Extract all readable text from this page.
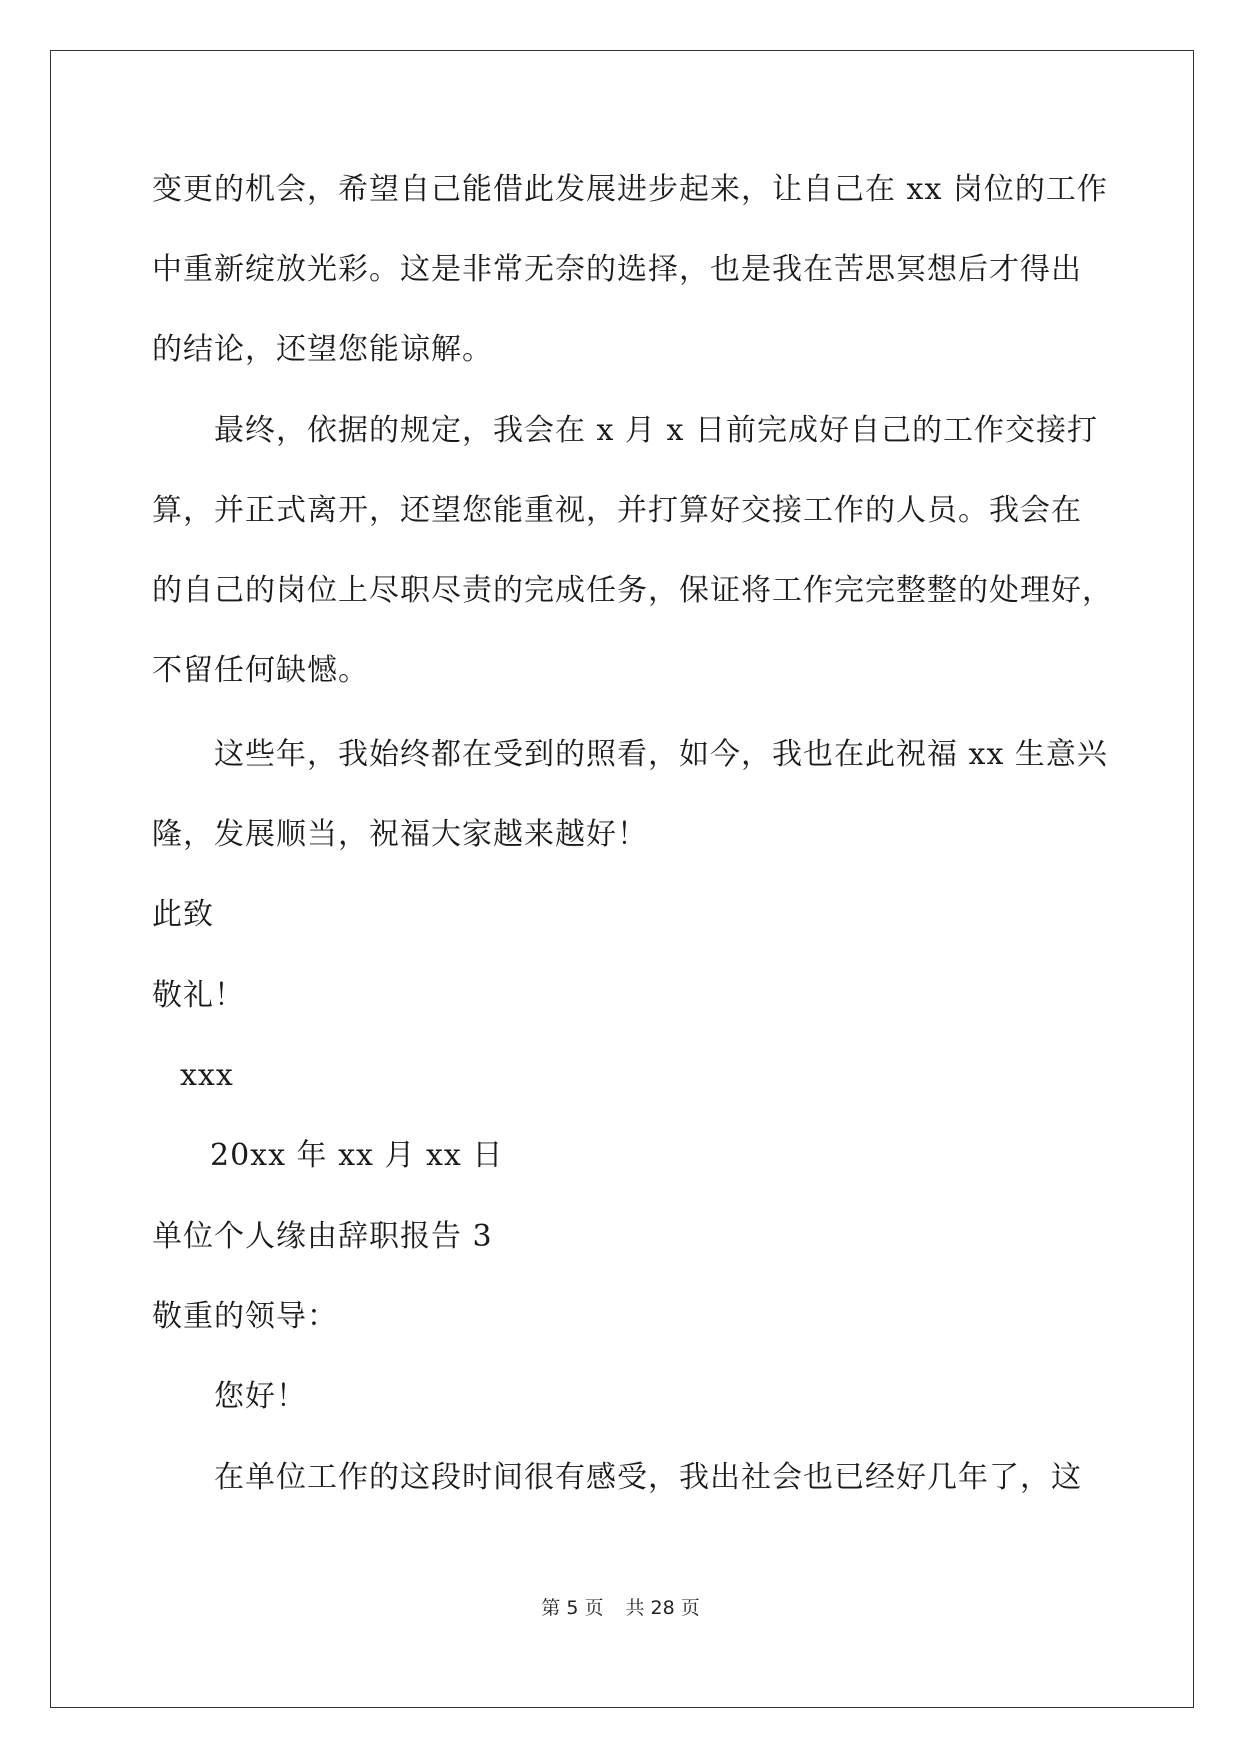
变更的机会，希望自己能借此发展进步起来，让自己在 xx 岗位的工作
中重新绽放光彩。这是非常无奈的选择，也是我在苦思冥想后才得出
的结论，还望您能谅解。
最终，依据的规定，我会在 x 月 x 日前完成好自己的工作交接打
算，并正式离开，还望您能重视，并打算好交接工作的人员。我会在
的自己的岗位上尽职尽责的完成任务，保证将工作完完整整的处理好，
不留任何缺憾。
这些年，我始终都在受到的照看，如今，我也在此祝福 xx 生意兴
隆，发展顺当，祝福大家越来越好！
此致
敬礼！
xxx
20xx 年 xx 月 xx 日
单位个人缘由辞职报告 3
敬重的领导：
您好！
在单位工作的这段时间很有感受，我出社会也已经好几年了，这
第 5 页 共 28 页
